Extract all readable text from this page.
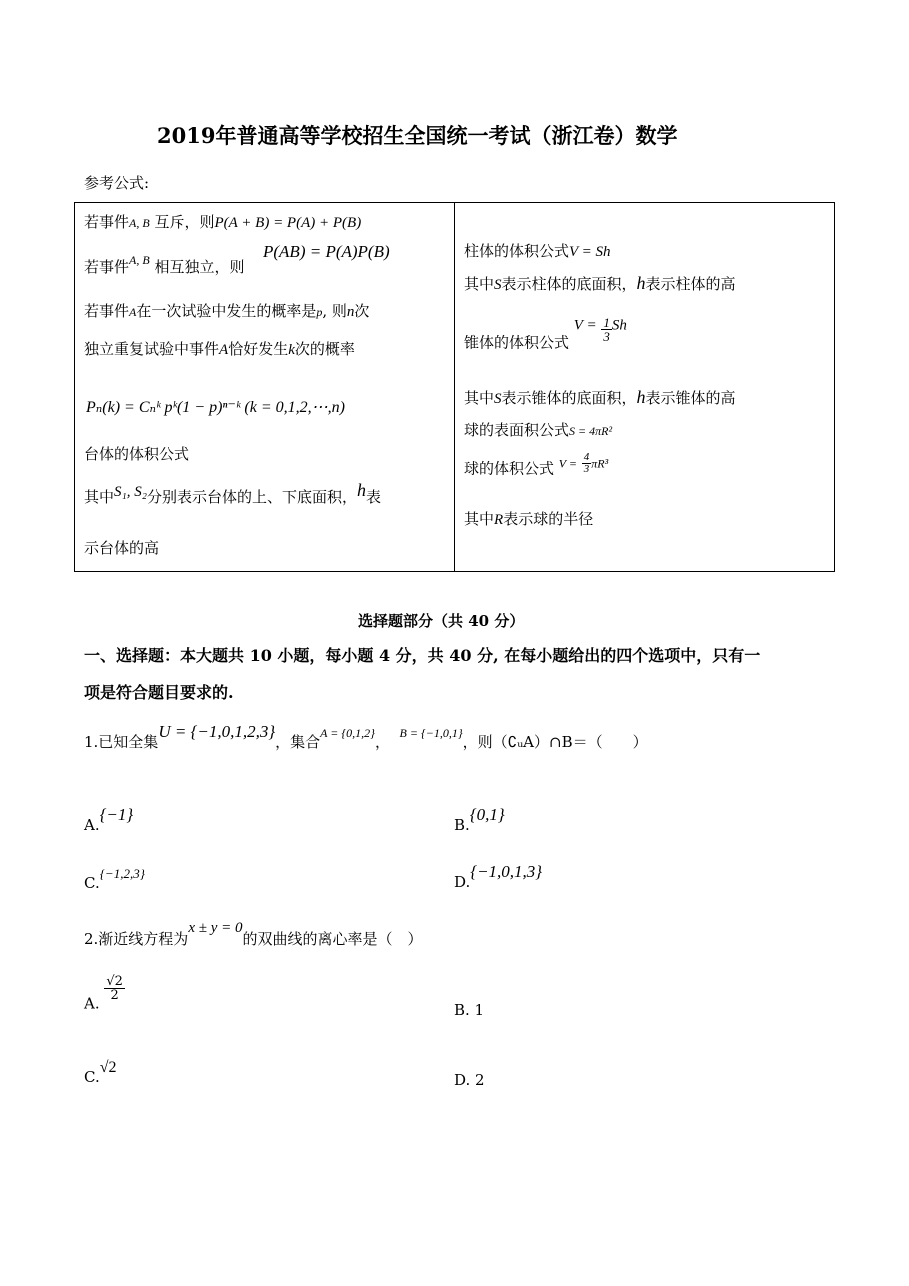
2019年普通高等学校招生全国统一考试（浙江卷）数学
参考公式:
若事件A, B 互斥，则P(A + B) = P(A) + P(B)
若事件$^{A, B}$ 相互独立，则
P(AB) = P(A)P(B)
若事件A在一次试验中发生的概率是p, 则n次
独立重复试验中事件A恰好发生k次的概率
Pₙ(k) = Cₙᵏ pᵏ(1 − p)ⁿ⁻ᵏ (k = 0,1,2,⋯,n)
台体的体积公式
其中S₁, S₂分别表示台体的上、下底面积，h表
示台体的高
柱体的体积公式V = Sh
其中S表示柱体的底面积，h表示柱体的高
锥体的体积公式 $V = \frac{1}{3}$ Sh
其中S表示锥体的底面积，h表示锥体的高
球的表面积公式S = 4πR²
球的体积公式 $V = \frac{4}{3} \pi R^3$
其中R表示球的半径
选择题部分（共 40 分）
一、选择题：本大题共 10 小题，每小题 4 分，共 40 分, 在每小题给出的四个选项中，只有一
项是符合题目要求的.
1.已知全集U = {−1,0,1,2,3}，集合A = {0,1,2}， B = {−1,0,1}，则（∁ᵤA）∩B＝（　　）
A.{−1}
B.{0,1}
C.{−1,2,3}	D.{−1,0,1,3}
2.渐近线方程为x ± y = 0的双曲线的离心率是（　）
A.
$\frac{√2}{2}$
B. 1
C.√2
D. 2
